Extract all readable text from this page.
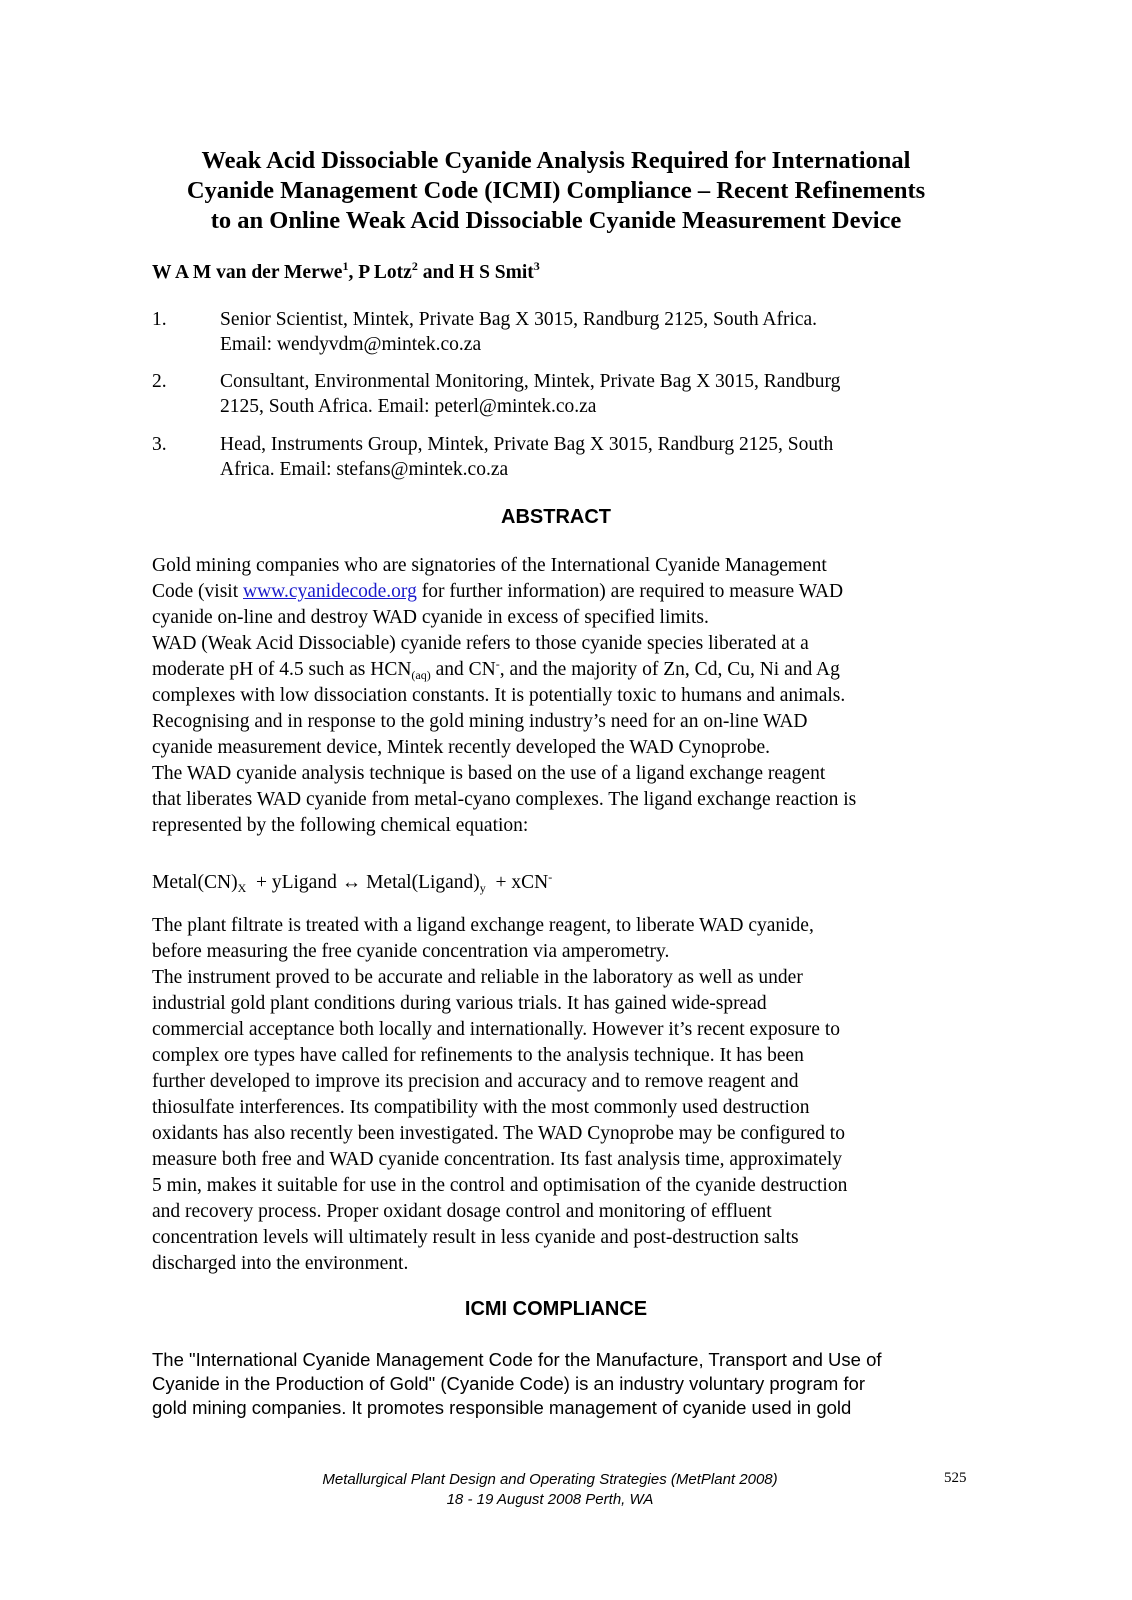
Weak Acid Dissociable Cyanide Analysis Required for International
Cyanide Management Code (ICMI) Compliance – Recent Refinements
to an Online Weak Acid Dissociable Cyanide Measurement Device
W A M van der Merwe$^1$, P Lotz$^2$ and H S Smit$^3$
1.	Senior Scientist, Mintek, Private Bag X 3015, Randburg 2125, South Africa.
Email: wendyvdm@mintek.co.za
2.	Consultant, Environmental Monitoring, Mintek, Private Bag X 3015, Randburg
2125, South Africa. Email: peterl@mintek.co.za
3.	Head, Instruments Group, Mintek, Private Bag X 3015, Randburg 2125, South
Africa. Email: stefans@mintek.co.za
ABSTRACT
Gold mining companies who are signatories of the International Cyanide Management
Code (visit www.cyanidecode.org for further information) are required to measure WAD
cyanide on-line and destroy WAD cyanide in excess of specified limits.
WAD (Weak Acid Dissociable) cyanide refers to those cyanide species liberated at a
moderate pH of 4.5 such as $HCN_{(aq)}$ and CN-, and the majority of Zn, Cd, Cu, Ni and Ag
complexes with low dissociation constants. It is potentially toxic to humans and animals.
Recognising and in response to the gold mining industry’s need for an on-line WAD
cyanide measurement device, Mintek recently developed the WAD Cynoprobe.
The WAD cyanide analysis technique is based on the use of a ligand exchange reagent
that liberates WAD cyanide from metal-cyano complexes. The ligand exchange reaction is
represented by the following chemical equation:
$Metal(CN)_X$  + yLigand ↔ $Metal(Ligand)_y + xCN^-$
The plant filtrate is treated with a ligand exchange reagent, to liberate WAD cyanide,
before measuring the free cyanide concentration via amperometry.
The instrument proved to be accurate and reliable in the laboratory as well as under
industrial gold plant conditions during various trials. It has gained wide-spread
commercial acceptance both locally and internationally. However it’s recent exposure to
complex ore types have called for refinements to the analysis technique. It has been
further developed to improve its precision and accuracy and to remove reagent and
thiosulfate interferences. Its compatibility with the most commonly used destruction
oxidants has also recently been investigated. The WAD Cynoprobe may be configured to
measure both free and WAD cyanide concentration. Its fast analysis time, approximately
5 min, makes it suitable for use in the control and optimisation of the cyanide destruction
and recovery process. Proper oxidant dosage control and monitoring of effluent
concentration levels will ultimately result in less cyanide and post-destruction salts
discharged into the environment.
ICMI COMPLIANCE
The "International Cyanide Management Code for the Manufacture, Transport and Use of
Cyanide in the Production of Gold" (Cyanide Code) is an industry voluntary program for
gold mining companies. It promotes responsible management of cyanide used in gold
Metallurgical Plant Design and Operating Strategies (MetPlant 2008)
18 - 19 August 2008 Perth, WA
525
